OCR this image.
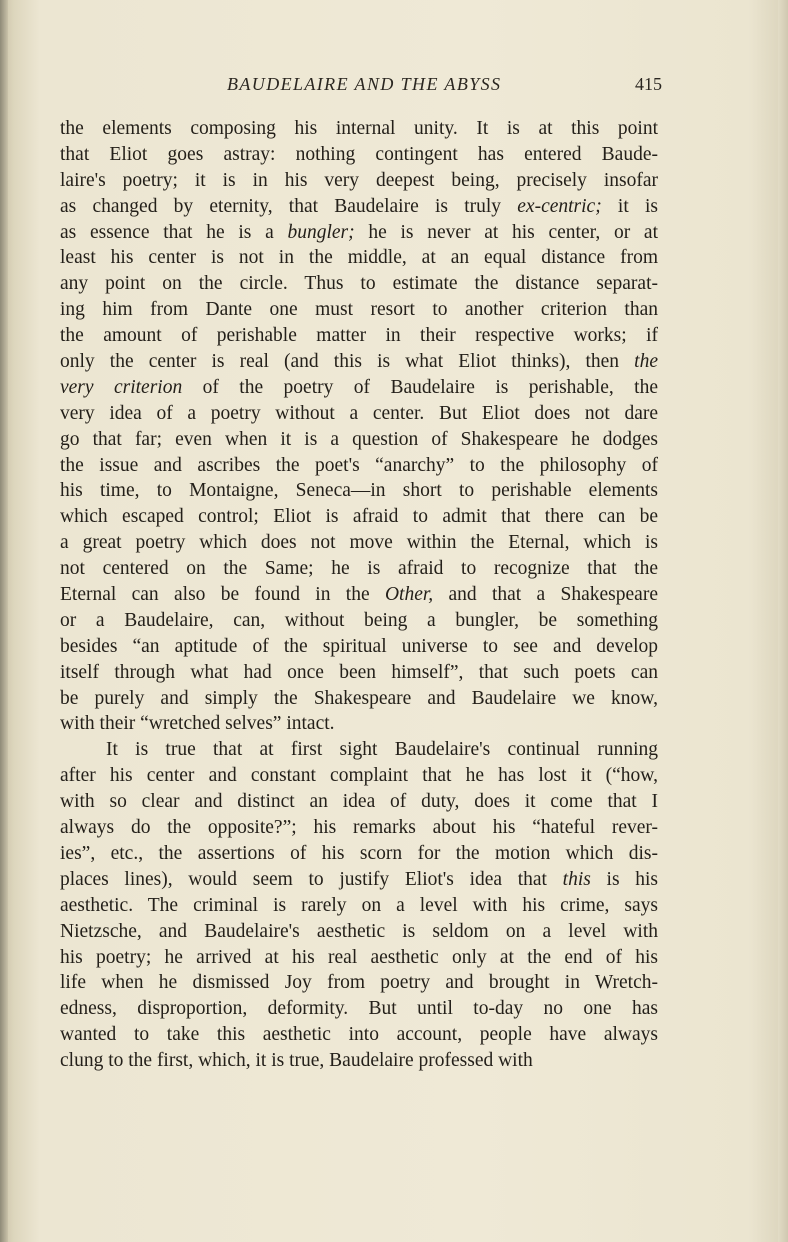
BAUDELAIRE AND THE ABYSS	415
the elements composing his internal unity. It is at this point
that Eliot goes astray: nothing contingent has entered Baude-
laire's poetry; it is in his very deepest being, precisely insofar
as changed by eternity, that Baudelaire is truly ex-centric; it is
as essence that he is a bungler; he is never at his center, or at
least his center is not in the middle, at an equal distance from
any point on the circle. Thus to estimate the distance separat-
ing him from Dante one must resort to another criterion than
the amount of perishable matter in their respective works; if
only the center is real (and this is what Eliot thinks), then the
very criterion of the poetry of Baudelaire is perishable, the
very idea of a poetry without a center. But Eliot does not dare
go that far; even when it is a question of Shakespeare he dodges
the issue and ascribes the poet's “anarchy” to the philosophy of
his time, to Montaigne, Seneca—in short to perishable elements
which escaped control; Eliot is afraid to admit that there can be
a great poetry which does not move within the Eternal, which is
not centered on the Same; he is afraid to recognize that the
Eternal can also be found in the Other, and that a Shakespeare
or a Baudelaire, can, without being a bungler, be something
besides “an aptitude of the spiritual universe to see and develop
itself through what had once been himself”, that such poets can
be purely and simply the Shakespeare and Baudelaire we know,
with their “wretched selves” intact.
It is true that at first sight Baudelaire's continual running
after his center and constant complaint that he has lost it (“how,
with so clear and distinct an idea of duty, does it come that I
always do the opposite?”; his remarks about his “hateful rever-
ies”, etc., the assertions of his scorn for the motion which dis-
places lines), would seem to justify Eliot's idea that this is his
aesthetic. The criminal is rarely on a level with his crime, says
Nietzsche, and Baudelaire's aesthetic is seldom on a level with
his poetry; he arrived at his real aesthetic only at the end of his
life when he dismissed Joy from poetry and brought in Wretch-
edness, disproportion, deformity. But until to-day no one has
wanted to take this aesthetic into account, people have always
clung to the first, which, it is true, Baudelaire professed with
